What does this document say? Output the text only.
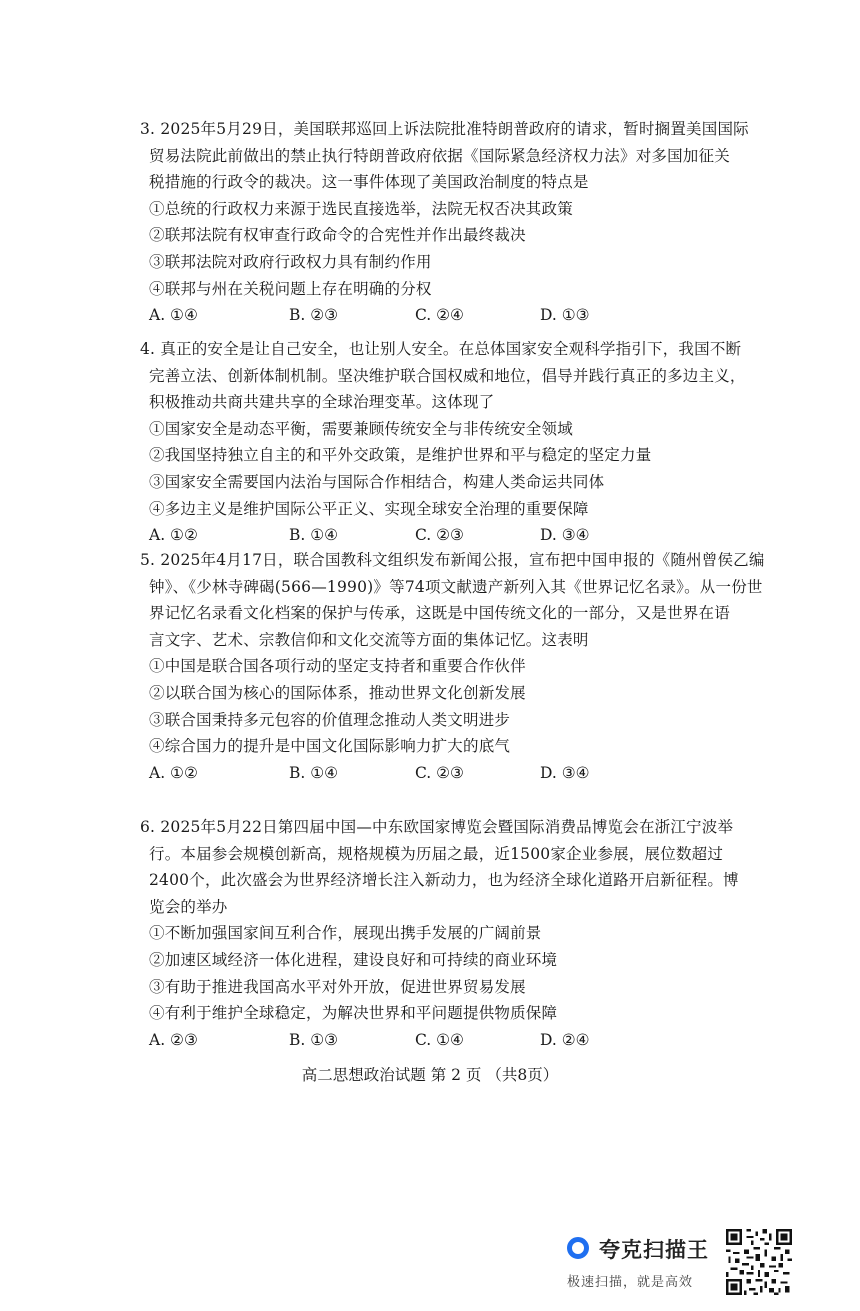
3. 2025年5月29日，美国联邦巡回上诉法院批准特朗普政府的请求，暂时搁置美国国际
贸易法院此前做出的禁止执行特朗普政府依据《国际紧急经济权力法》对多国加征关
税措施的行政令的裁决。这一事件体现了美国政治制度的特点是
①总统的行政权力来源于选民直接选举，法院无权否决其政策
②联邦法院有权审查行政命令的合宪性并作出最终裁决
③联邦法院对政府行政权力具有制约作用
④联邦与州在关税问题上存在明确的分权
A. ①④	B. ②③	C. ②④	D. ①③
4. 真正的安全是让自己安全，也让别人安全。在总体国家安全观科学指引下，我国不断
完善立法、创新体制机制。坚决维护联合国权威和地位，倡导并践行真正的多边主义，
积极推动共商共建共享的全球治理变革。这体现了
①国家安全是动态平衡，需要兼顾传统安全与非传统安全领域
②我国坚持独立自主的和平外交政策，是维护世界和平与稳定的坚定力量
③国家安全需要国内法治与国际合作相结合，构建人类命运共同体
④多边主义是维护国际公平正义、实现全球安全治理的重要保障
A. ①②	B. ①④	C. ②③	D. ③④
5. 2025年4月17日，联合国教科文组织发布新闻公报，宣布把中国申报的《随州曾侯乙编
钟》、《少林寺碑碣(566—1990)》等74项文献遗产新列入其《世界记忆名录》。从一份世
界记忆名录看文化档案的保护与传承，这既是中国传统文化的一部分，又是世界在语
言文字、艺术、宗教信仰和文化交流等方面的集体记忆。这表明
①中国是联合国各项行动的坚定支持者和重要合作伙伴
②以联合国为核心的国际体系，推动世界文化创新发展
③联合国秉持多元包容的价值理念推动人类文明进步
④综合国力的提升是中国文化国际影响力扩大的底气
A. ①②	B. ①④	C. ②③	D. ③④
6. 2025年5月22日第四届中国—中东欧国家博览会暨国际消费品博览会在浙江宁波举
行。本届参会规模创新高，规格规模为历届之最，近1500家企业参展，展位数超过
2400个，此次盛会为世界经济增长注入新动力，也为经济全球化道路开启新征程。博
览会的举办
①不断加强国家间互利合作，展现出携手发展的广阔前景
②加速区域经济一体化进程，建设良好和可持续的商业环境
③有助于推进我国高水平对外开放，促进世界贸易发展
④有利于维护全球稳定，为解决世界和平问题提供物质保障
A. ②③	B. ①③	C. ①④	D. ②④
高二思想政治试题 第 2 页 （共8页）
夸克扫描王
极速扫描，就是高效
